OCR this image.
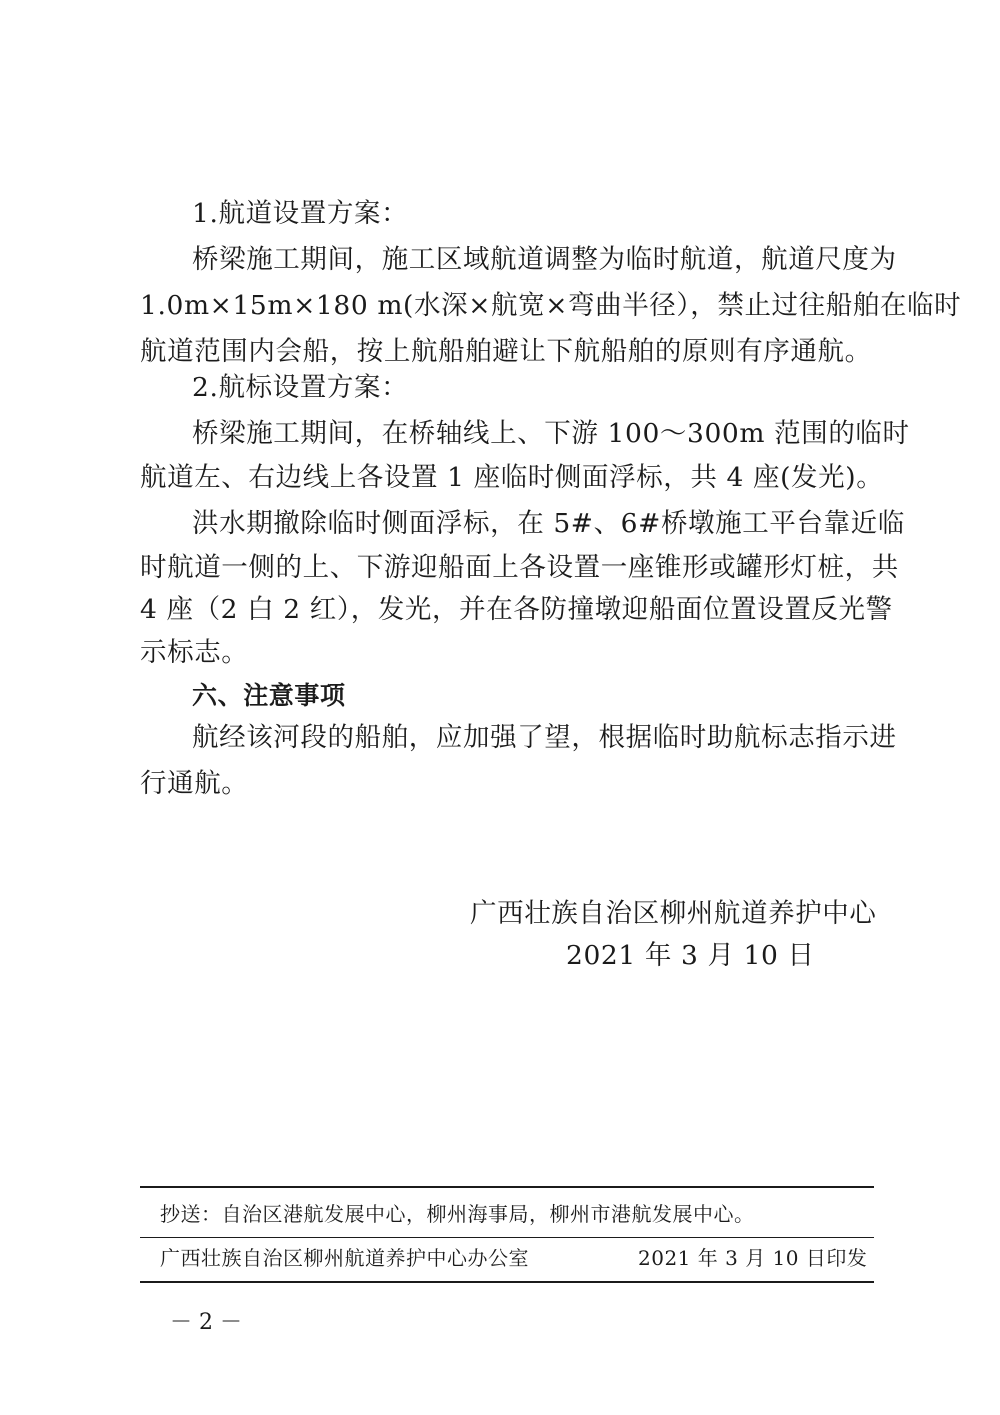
1.航道设置方案：
桥梁施工期间，施工区域航道调整为临时航道，航道尺度为
1.0m×15m×180 m(水深×航宽×弯曲半径），禁止过往船舶在临时
航道范围内会船，按上航船舶避让下航船舶的原则有序通航。
2.航标设置方案：
桥梁施工期间，在桥轴线上、下游 100～300m 范围的临时
航道左、右边线上各设置 1 座临时侧面浮标，共 4 座(发光)。
洪水期撤除临时侧面浮标，在 5#、6#桥墩施工平台靠近临
时航道一侧的上、下游迎船面上各设置一座锥形或罐形灯桩，共
4 座（2 白 2 红），发光，并在各防撞墩迎船面位置设置反光警
示标志。
六、注意事项
航经该河段的船舶，应加强了望，根据临时助航标志指示进
行通航。
广西壮族自治区柳州航道养护中心
2021 年 3 月 10 日
抄送：自治区港航发展中心，柳州海事局，柳州市港航发展中心。
广西壮族自治区柳州航道养护中心办公室	2021 年 3 月 10 日印发
－ 2 －
